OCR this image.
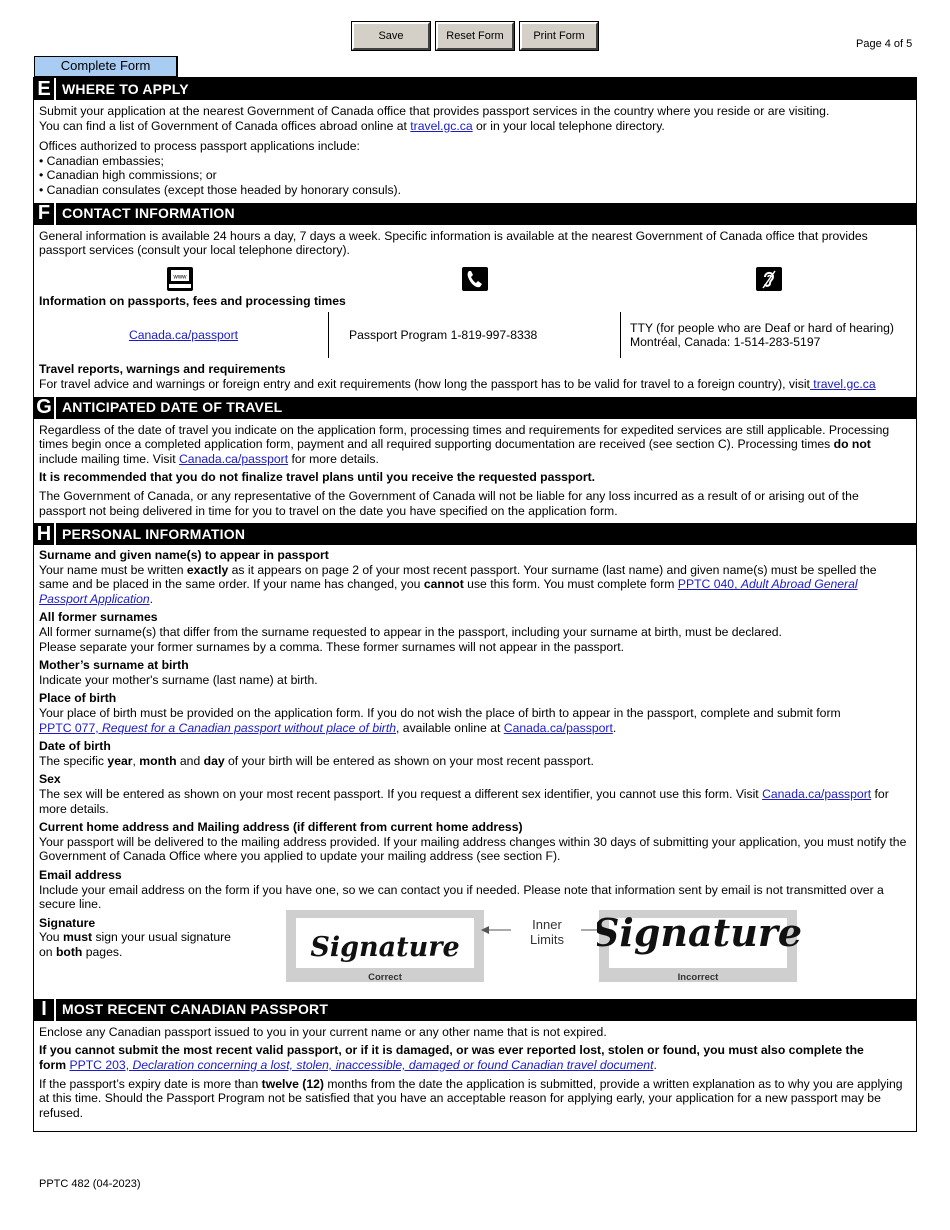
Save	Reset Form	Print Form
Page 4 of 5
Complete Form
E WHERE TO APPLY

Submit your application at the nearest Government of Canada office that provides passport services in the country where you reside or are visiting.

You can find a list of Government of Canada offices abroad online at travel.gc.ca or in your local telephone directory.

Offices authorized to process passport applications include:

• Canadian embassies;

• Canadian high commissions; or

• Canadian consulates (except those headed by honorary consuls).

F CONTACT INFORMATION

General information is available 24 hours a day, 7 days a week. Specific information is available at the nearest Government of Canada office that provides passport services (consult your local telephone directory).

www

Information on passports, fees and processing times

Canada.ca/passport	Passport Program 1-819-997-8338

TTY (for people who are Deaf or hard of hearing)

Montréal, Canada: 1-514-283-5197

Travel reports, warnings and requirements

For travel advice and warnings or foreign entry and exit requirements (how long the passport has to be valid for travel to a foreign country), visit travel.gc.ca

G ANTICIPATED DATE OF TRAVEL

Regardless of the date of travel you indicate on the application form, processing times and requirements for expedited services are still applicable. Processing times begin once a completed application form, payment and all required supporting documentation are received (see section C). Processing times do not include mailing time. Visit Canada.ca/passport for more details.

It is recommended that you do not finalize travel plans until you receive the requested passport.

The Government of Canada, or any representative of the Government of Canada will not be liable for any loss incurred as a result of or arising out of the passport not being delivered in time for you to travel on the date you have specified on the application form.

H PERSONAL INFORMATION

Surname and given name(s) to appear in passport

Your name must be written exactly as it appears on page 2 of your most recent passport. Your surname (last name) and given name(s) must be spelled the same and be placed in the same order. If your name has changed, you cannot use this form. You must complete form PPTC 040, Adult Abroad General Passport Application.

All former surnames

All former surname(s) that differ from the surname requested to appear in the passport, including your surname at birth, must be declared.

Please separate your former surnames by a comma. These former surnames will not appear in the passport.

Mother’s surname at birth

Indicate your mother's surname (last name) at birth.

Place of birth

Your place of birth must be provided on the application form. If you do not wish the place of birth to appear in the passport, complete and submit form

PPTC 077, Request for a Canadian passport without place of birth, available online at Canada.ca/passport.

Date of birth

The specific year, month and day of your birth will be entered as shown on your most recent passport.

Sex

The sex will be entered as shown on your most recent passport. If you request a different sex identifier, you cannot use this form. Visit Canada.ca/passport for more details.

Current home address and Mailing address (if different from current home address)

Your passport will be delivered to the mailing address provided. If your mailing address changes within 30 days of submitting your application, you must notify the Government of Canada Office where you applied to update your mailing address (see section F).

Email address

Include your email address on the form if you have one, so we can contact you if needed. Please note that information sent by email is not transmitted over a secure line.

Signature

You must sign your usual signature

on both pages.	Signature
Correct
Inner
Limits Signature
Incorrect
I	MOST RECENT CANADIAN PASSPORT

Enclose any Canadian passport issued to you in your current name or any other name that is not expired.

If you cannot submit the most recent valid passport, or if it is damaged, or was ever reported lost, stolen or found, you must also complete the form PPTC 203, Declaration concerning a lost, stolen, inaccessible, damaged or found Canadian travel document.

If the passport’s expiry date is more than twelve (12) months from the date the application is submitted, provide a written explanation as to why you are applying at this time. Should the Passport Program not be satisfied that you have an acceptable reason for applying early, your application for a new passport may be refused.

PPTC 482 (04-2023)
